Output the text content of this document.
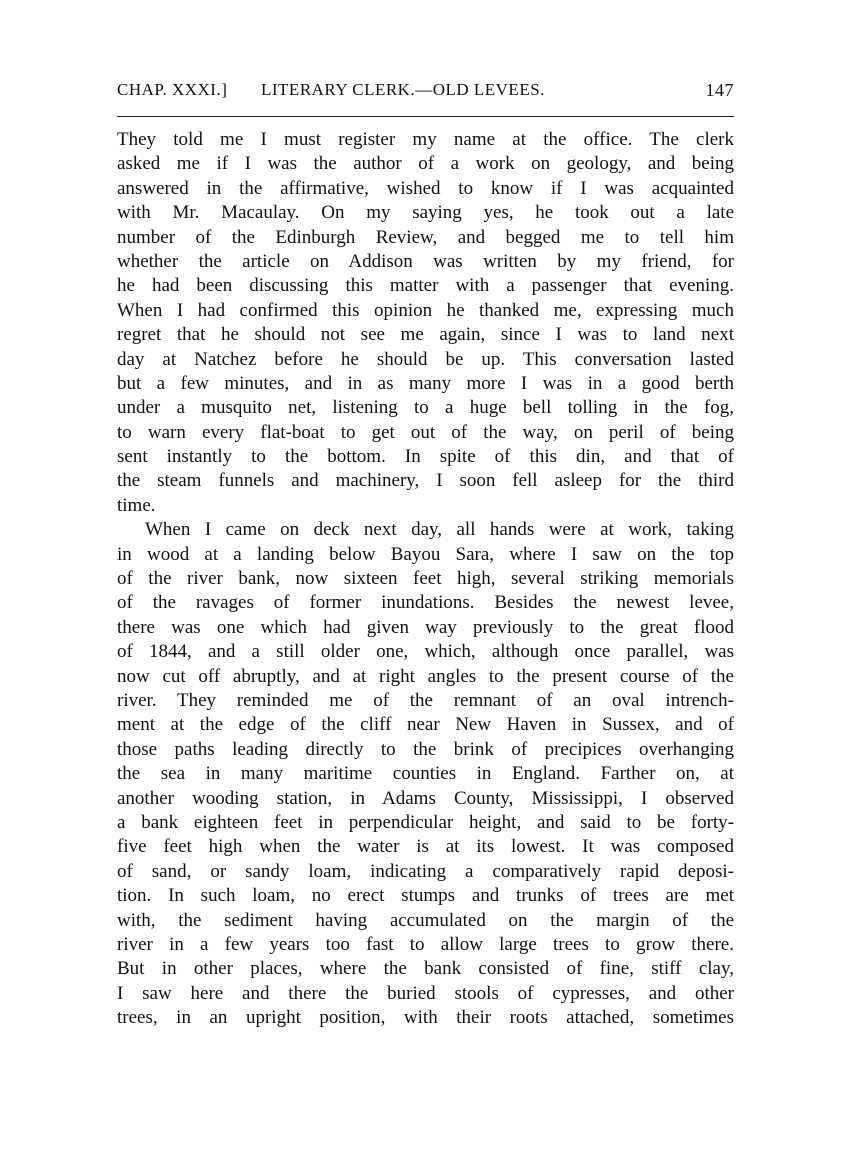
CHAP. XXXI.] LITERARY CLERK.—OLD LEVEES.	147
They told me I must register my name at the office. The clerk
asked me if I was the author of a work on geology, and being
answered in the affirmative, wished to know if I was acquainted
with Mr. Macaulay. On my saying yes, he took out a late
number of the Edinburgh Review, and begged me to tell him
whether the article on Addison was written by my friend, for
he had been discussing this matter with a passenger that evening.
When I had confirmed this opinion he thanked me, expressing much
regret that he should not see me again, since I was to land next
day at Natchez before he should be up. This conversation lasted
but a few minutes, and in as many more I was in a good berth
under a musquito net, listening to a huge bell tolling in the fog,
to warn every flat-boat to get out of the way, on peril of being
sent instantly to the bottom. In spite of this din, and that of
the steam funnels and machinery, I soon fell asleep for the third
time.
When I came on deck next day, all hands were at work, taking
in wood at a landing below Bayou Sara, where I saw on the top
of the river bank, now sixteen feet high, several striking memorials
of the ravages of former inundations. Besides the newest levee,
there was one which had given way previously to the great flood
of 1844, and a still older one, which, although once parallel, was
now cut off abruptly, and at right angles to the present course of the
river. They reminded me of the remnant of an oval intrench-
ment at the edge of the cliff near New Haven in Sussex, and of
those paths leading directly to the brink of precipices overhanging
the sea in many maritime counties in England. Farther on, at
another wooding station, in Adams County, Mississippi, I observed
a bank eighteen feet in perpendicular height, and said to be forty-
five feet high when the water is at its lowest. It was composed
of sand, or sandy loam, indicating a comparatively rapid deposi-
tion. In such loam, no erect stumps and trunks of trees are met
with, the sediment having accumulated on the margin of the
river in a few years too fast to allow large trees to grow there.
But in other places, where the bank consisted of fine, stiff clay,
I saw here and there the buried stools of cypresses, and other
trees, in an upright position, with their roots attached, sometimes
